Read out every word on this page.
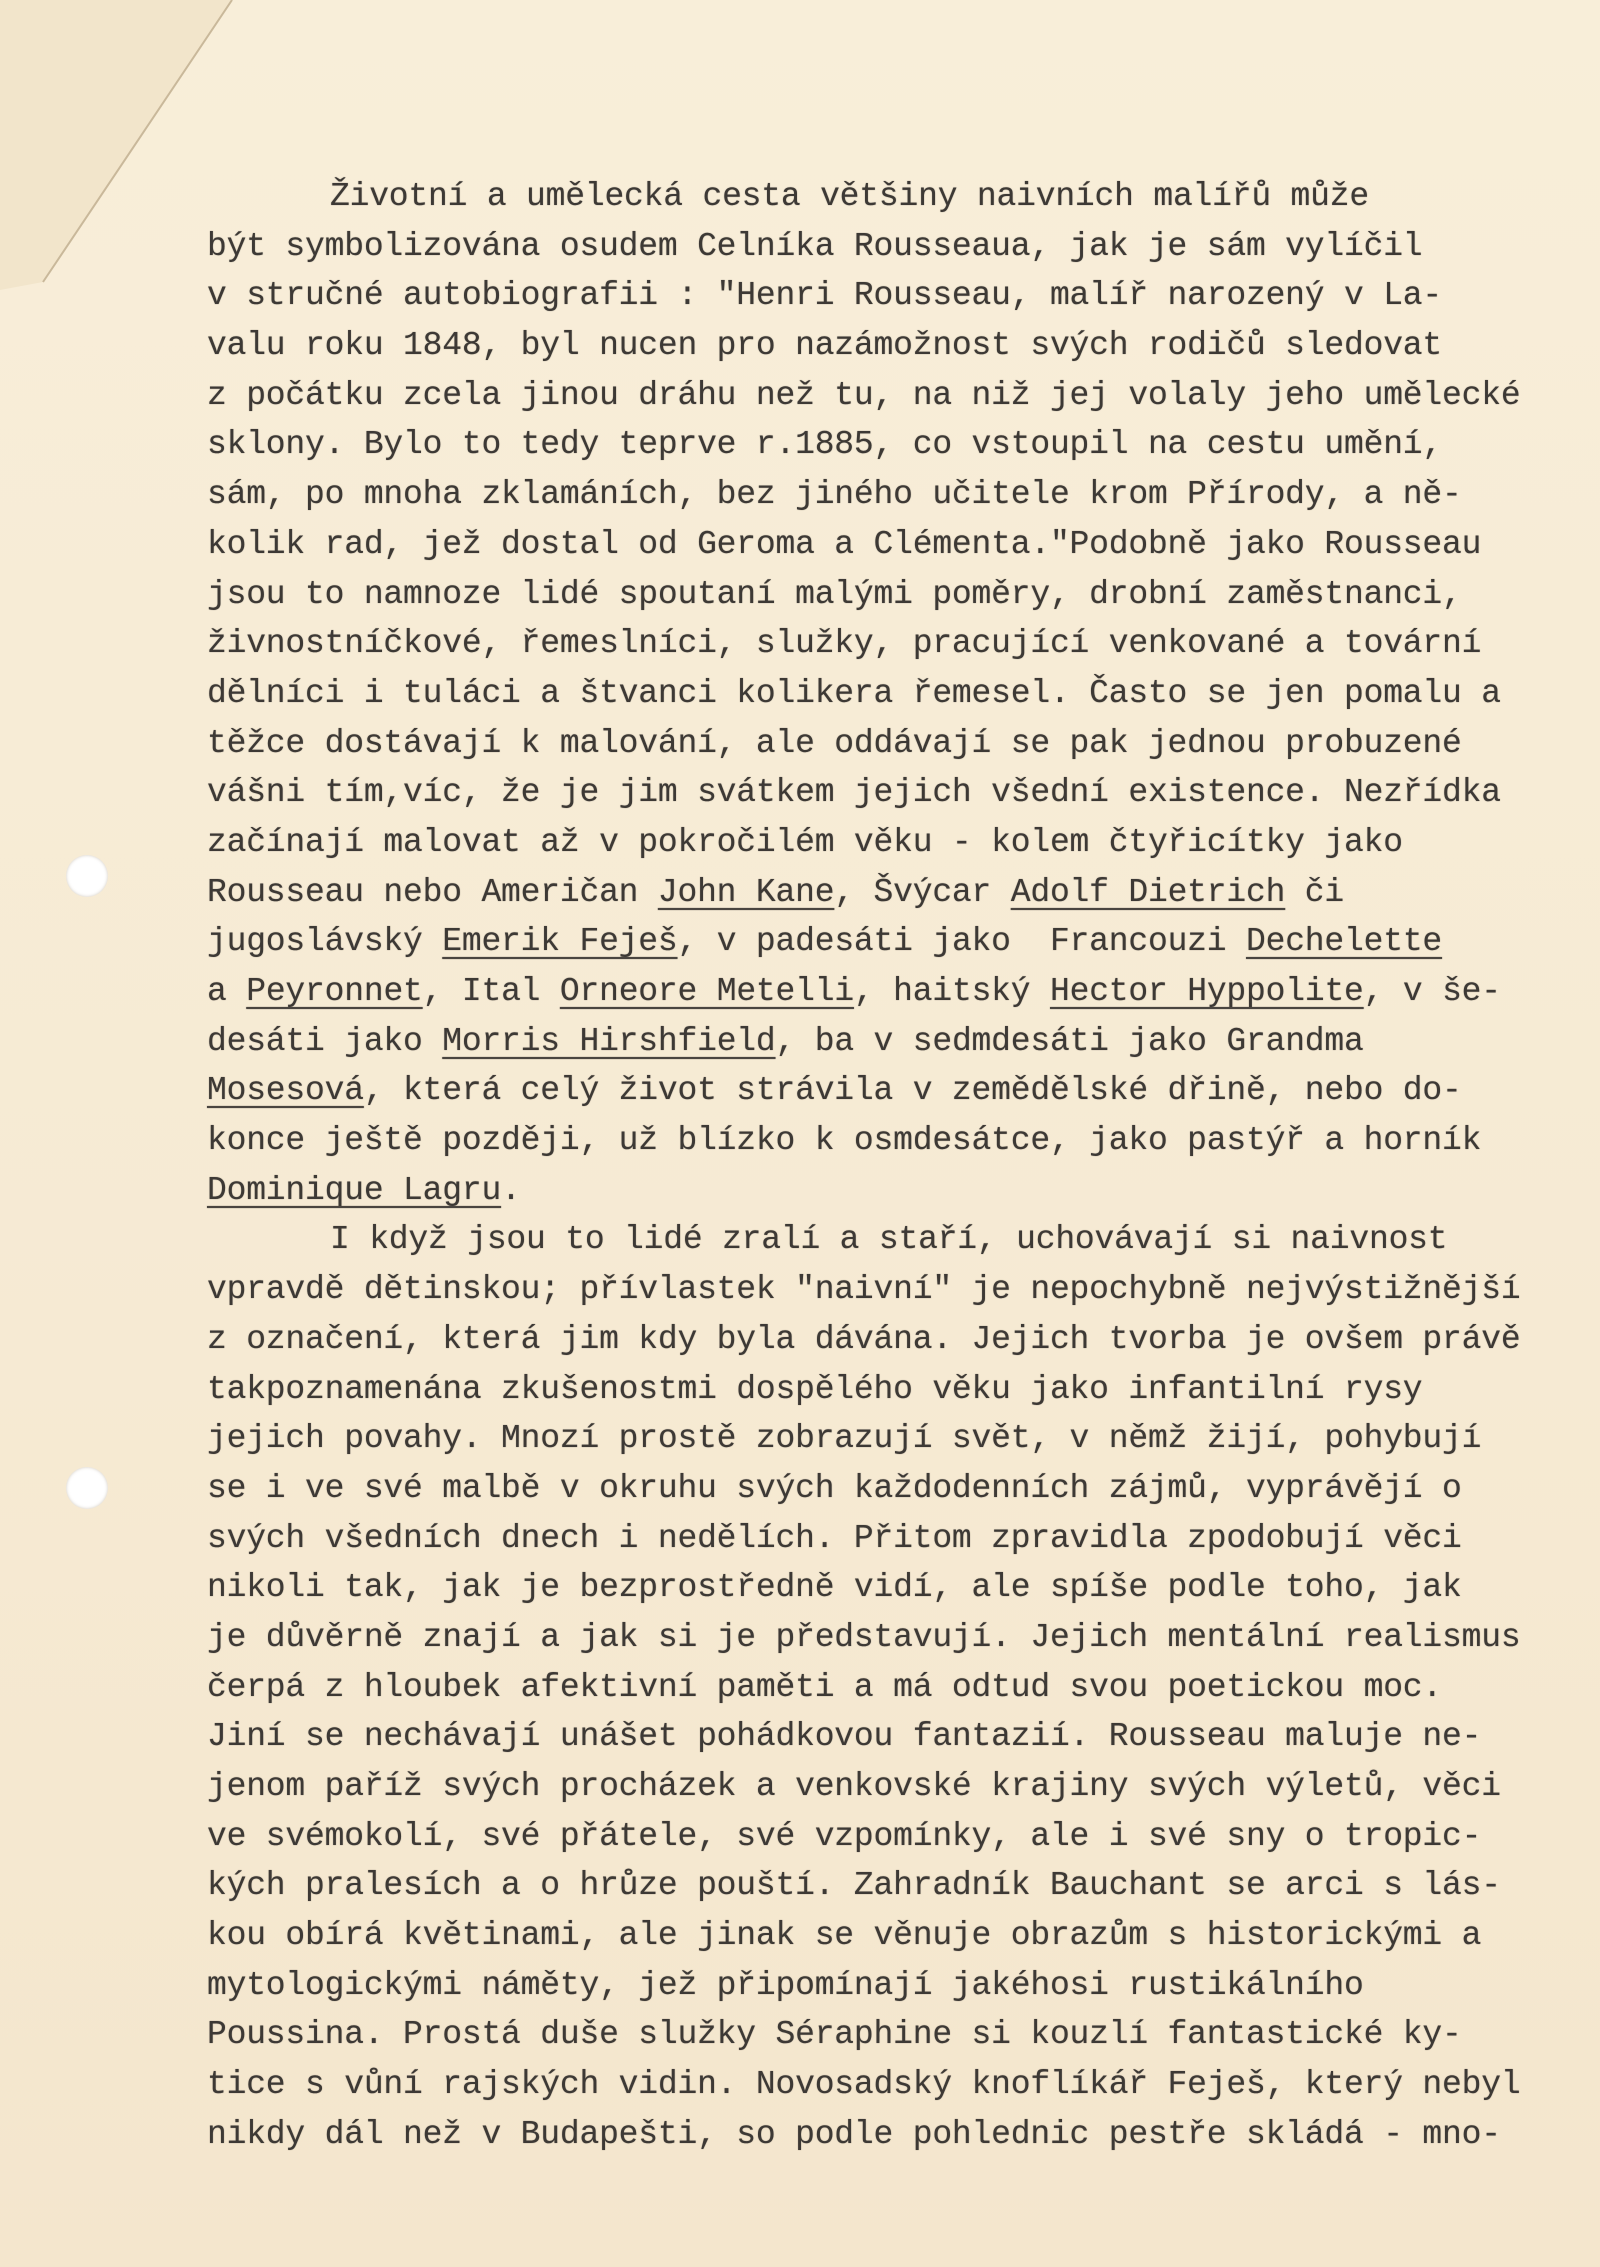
Životní a umělecká cesta většiny naivních malířů může
být symbolizována osudem Celníka Rousseaua, jak je sám vylíčil
v stručné autobiografii : "Henri Rousseau, malíř narozený v La-
valu roku 1848, byl nucen pro nazámožnost svých rodičů sledovat
z počátku zcela jinou dráhu než tu, na niž jej volaly jeho umělecké
sklony. Bylo to tedy teprve r.1885, co vstoupil na cestu umění,
sám, po mnoha zklamáních, bez jiného učitele krom Přírody, a ně-
kolik rad, jež dostal od Geroma a Clémenta."Podobně jako Rousseau
jsou to namnoze lidé spoutaní malými poměry, drobní zaměstnanci,
živnostníčkové, řemeslníci, služky, pracující venkované a tovární
dělníci i tuláci a štvanci kolikera řemesel. Často se jen pomalu a
těžce dostávají k malování, ale oddávají se pak jednou probuzené
vášni tím,víc, že je jim svátkem jejich všední existence. Nezřídka
začínají malovat až v pokročilém věku - kolem čtyřicítky jako
Rousseau nebo Američan John Kane, Švýcar Adolf Dietrich či
jugoslávský Emerik Feješ, v padesáti jako  Francouzi Dechelette
a Peyronnet, Ital Orneore Metelli, haitský Hector Hyppolite, v še-
desáti jako Morris Hirshfield, ba v sedmdesáti jako Grandma
Mosesová, která celý život strávila v zemědělské dřině, nebo do-
konce ještě později, už blízko k osmdesátce, jako pastýř a horník
Dominique Lagru.
I když jsou to lidé zralí a staří, uchovávají si naivnost
vpravdě dětinskou; přívlastek "naivní" je nepochybně nejvýstižnější
z označení, která jim kdy byla dávána. Jejich tvorba je ovšem právě
takpoznamenána zkušenostmi dospělého věku jako infantilní rysy
jejich povahy. Mnozí prostě zobrazují svět, v němž žijí, pohybují
se i ve své malbě v okruhu svých každodenních zájmů, vyprávějí o
svých všedních dnech i nedělích. Přitom zpravidla zpodobují věci
nikoli tak, jak je bezprostředně vidí, ale spíše podle toho, jak
je důvěrně znají a jak si je představují. Jejich mentální realismus
čerpá z hloubek afektivní paměti a má odtud svou poetickou moc.
Jiní se nechávají unášet pohádkovou fantazií. Rousseau maluje ne-
jenom paříž svých procházek a venkovské krajiny svých výletů, věci
ve svémokolí, své přátele, své vzpomínky, ale i své sny o tropic-
kých pralesích a o hrůze pouští. Zahradník Bauchant se arci s lás-
kou obírá květinami, ale jinak se věnuje obrazům s historickými a
mytologickými náměty, jež připomínají jakéhosi rustikálního
Poussina. Prostá duše služky Séraphine si kouzlí fantastické ky-
tice s vůní rajských vidin. Novosadský knoflíkář Feješ, který nebyl
nikdy dál než v Budapešti, so podle pohlednic pestře skládá - mno-
